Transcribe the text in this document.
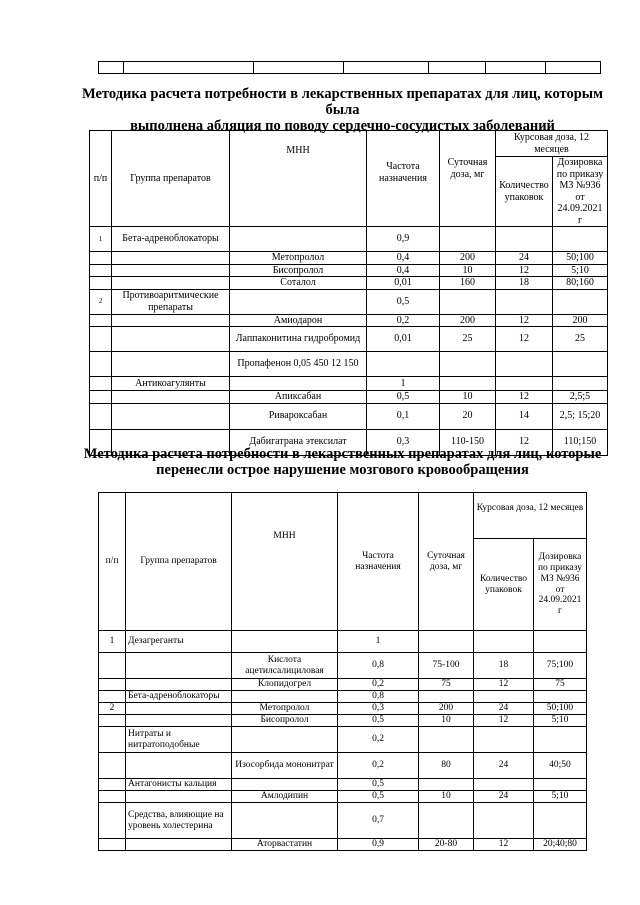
Методика расчета потребности в лекарственных препаратах для лиц, которым была
выполнена абляция по поводу сердечно-сосудистых заболеваний
п/п	Группа препаратов	МНН	Частота назначения	Суточная доза, мг	Курсовая доза, 12 месяцев	
					Количество упаковок	Дозировка по приказу МЗ №936 от 24.09.2021 г
1	Бета-адреноблокаторы		0,9			
		Метопролол	0,4	200	24	50;100
		Бисопролол	0,4	10	12	5;10
		Соталол	0,01	160	18	80;160
2	Противоаритмические препараты		0,5			
		Амиодарон	0,2	200	12	200
		Лаппаконитина гидробромид	0,01	25	12	25
		Пропафенон 0,05 450 12 150				
	Антикоагулянты		1			
		Апиксабан	0,5	10	12	2,5;5
		Ривароксабан	0,1	20	14	2,5; 15;20
		Дабигатрана этексилат	0,3	110-150	12	110;150
Методика расчета потребности в лекарственных препаратах для лиц, которые
перенесли острое нарушение мозгового кровообращения
п/п	Группа препаратов	МНН	Частота назначения	Суточная доза, мг	Курсовая доза, 12 месяцев	
					Количество упаковок	Дозировка по приказу МЗ №936 от 24.09.2021 г
1	Дезагреганты		1			
		Кислота ацетилсалициловая	0,8	75-100	18	75;100
		Клопидогрел	0,2	75	12	75
	Бета-адреноблокаторы		0,8			
2		Метопролол	0,3	200	24	50;100
		Бисопролол	0,5	10	12	5;10
	Нитраты и нитратоподобные		0,2			
		Изосорбида мононитрат	0,2	80	24	40;50
	Антагонисты кальция		0,5			
		Амлодипин	0,5	10	24	5;10
	Средства, влияющие на уровень холестерина		0,7			
		Аторвастатин	0,9	20-80	12	20;40;80
